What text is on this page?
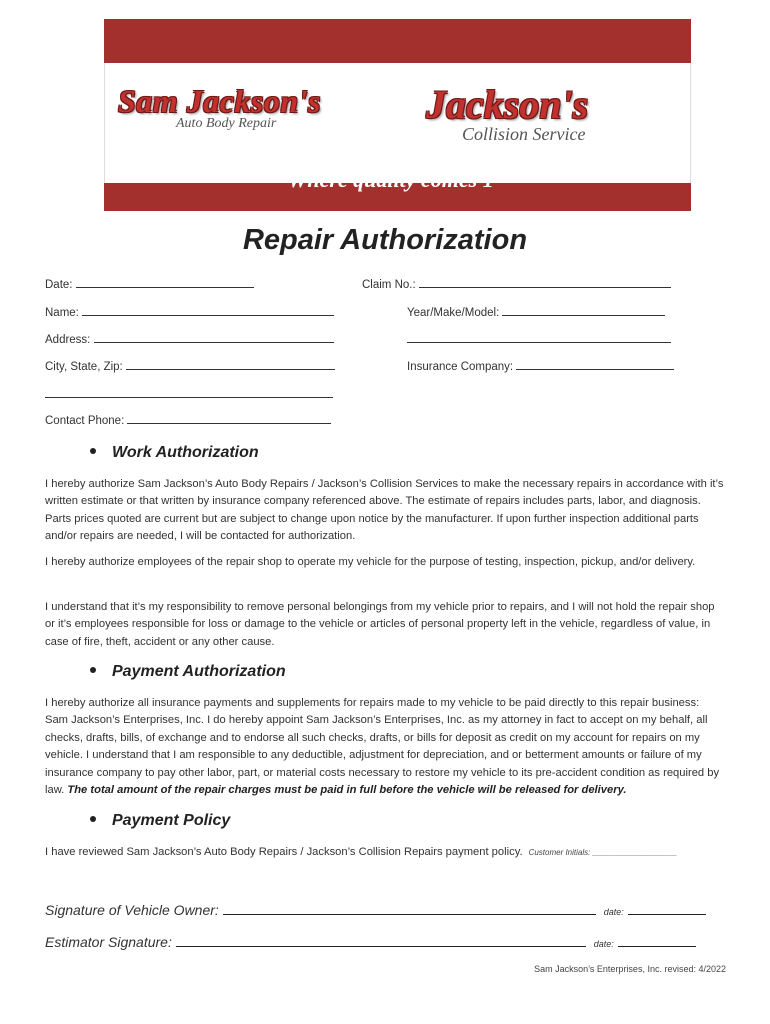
Sam Jackson's
Auto Body Repair	Jackson's
Collision Service
"Where quality comes 1st "
Repair Authorization
Date:	Claim No.:
Name:	Year/Make/Model:
Address:
City, State, Zip:	Insurance Company:
Contact Phone:
Work Authorization
I hereby authorize Sam Jackson’s Auto Body Repairs / Jackson’s Collision Services to make the necessary repairs in accordance with it’s written estimate or that written by insurance company referenced above. The estimate of repairs includes parts, labor, and diagnosis. Parts prices quoted are current but are subject to change upon notice by the manufacturer. If upon further inspection additional parts and/or repairs are needed, I will be contacted for authorization.
I hereby authorize employees of the repair shop to operate my vehicle for the purpose of testing, inspection, pickup, and/or delivery.
I understand that it’s my responsibility to remove personal belongings from my vehicle prior to repairs, and I will not hold the repair shop or it’s employees responsible for loss or damage to the vehicle or articles of personal property left in the vehicle, regardless of value, in case of fire, theft, accident or any other cause.
Payment Authorization
I hereby authorize all insurance payments and supplements for repairs made to my vehicle to be paid directly to this repair business: Sam Jackson’s Enterprises, Inc. I do hereby appoint Sam Jackson’s Enterprises, Inc. as my attorney in fact to accept on my behalf, all checks, drafts, bills, of exchange and to endorse all such checks, drafts, or bills for deposit as credit on my account for repairs on my vehicle. I understand that I am responsible to any deductible, adjustment for depreciation, and or betterment amounts or failure of my insurance company to pay other labor, part, or material costs necessary to restore my vehicle to its pre-accident condition as required by law. The total amount of the repair charges must be paid in full before the vehicle will be released for delivery.
Payment Policy
I have reviewed Sam Jackson’s Auto Body Repairs / Jackson’s Collision Repairs payment policy. Customer Initials: ___________________
Signature of Vehicle Owner:	date:
Estimator Signature:	date:
Sam Jackson’s Enterprises, Inc. revised: 4/2022
